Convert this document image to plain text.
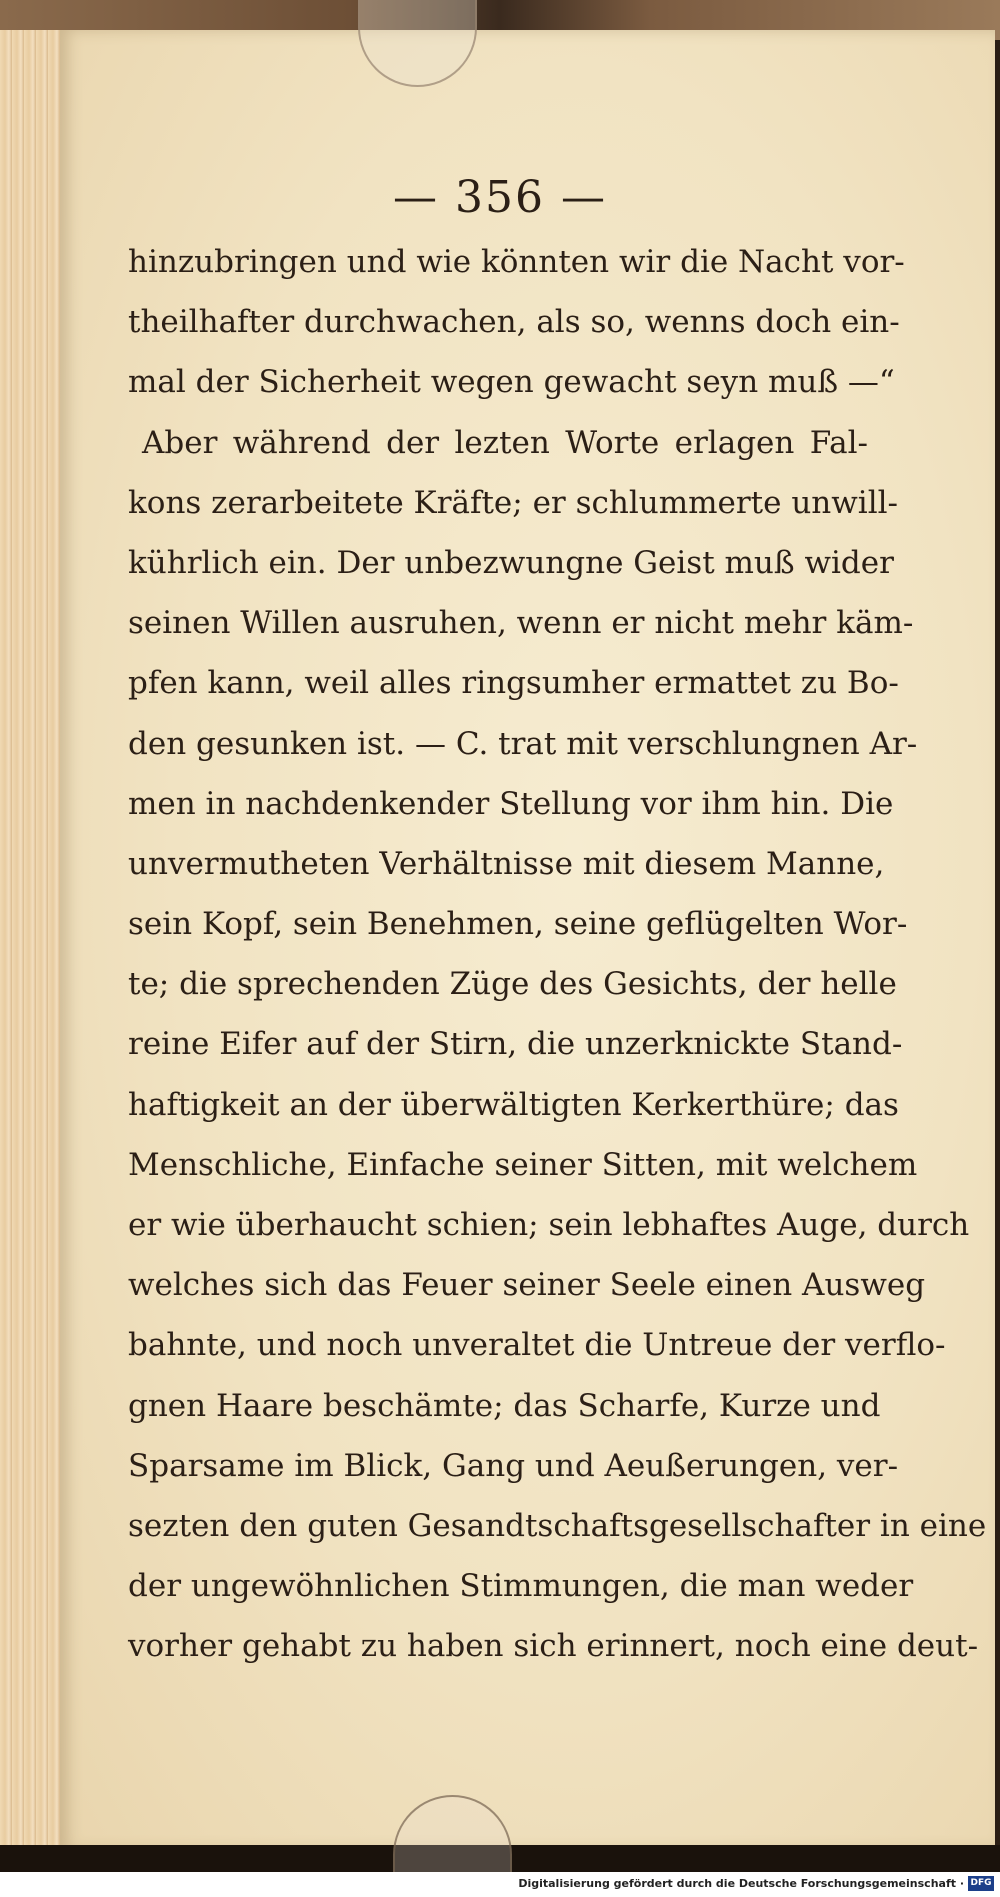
— 356 —
hinzubringen und wie könnten wir die Nacht vor-
theilhafter durchwachen, als so, wenns doch ein-
mal der Sicherheit wegen gewacht seyn muß —“
Aber während der lezten Worte erlagen Fal-
kons zerarbeitete Kräfte; er schlummerte unwill-
kührlich ein. Der unbezwungne Geist muß wider
seinen Willen ausruhen, wenn er nicht mehr käm-
pfen kann, weil alles ringsumher ermattet zu Bo-
den gesunken ist. — C. trat mit verschlungnen Ar-
men in nachdenkender Stellung vor ihm hin. Die
unvermutheten Verhältnisse mit diesem Manne,
sein Kopf, sein Benehmen, seine geflügelten Wor-
te; die sprechenden Züge des Gesichts, der helle
reine Eifer auf der Stirn, die unzerknickte Stand-
haftigkeit an der überwältigten Kerkerthüre; das
Menschliche, Einfache seiner Sitten, mit welchem
er wie überhaucht schien; sein lebhaftes Auge, durch
welches sich das Feuer seiner Seele einen Ausweg
bahnte, und noch unveraltet die Untreue der verflo-
gnen Haare beschämte; das Scharfe, Kurze und
Sparsame im Blick, Gang und Aeußerungen, ver-
sezten den guten Gesandtschaftsgesellschafter in eine
der ungewöhnlichen Stimmungen, die man weder
vorher gehabt zu haben sich erinnert, noch eine deut-
Digitalisierung gefördert durch die Deutsche Forschungsgemeinschaft · DFG
